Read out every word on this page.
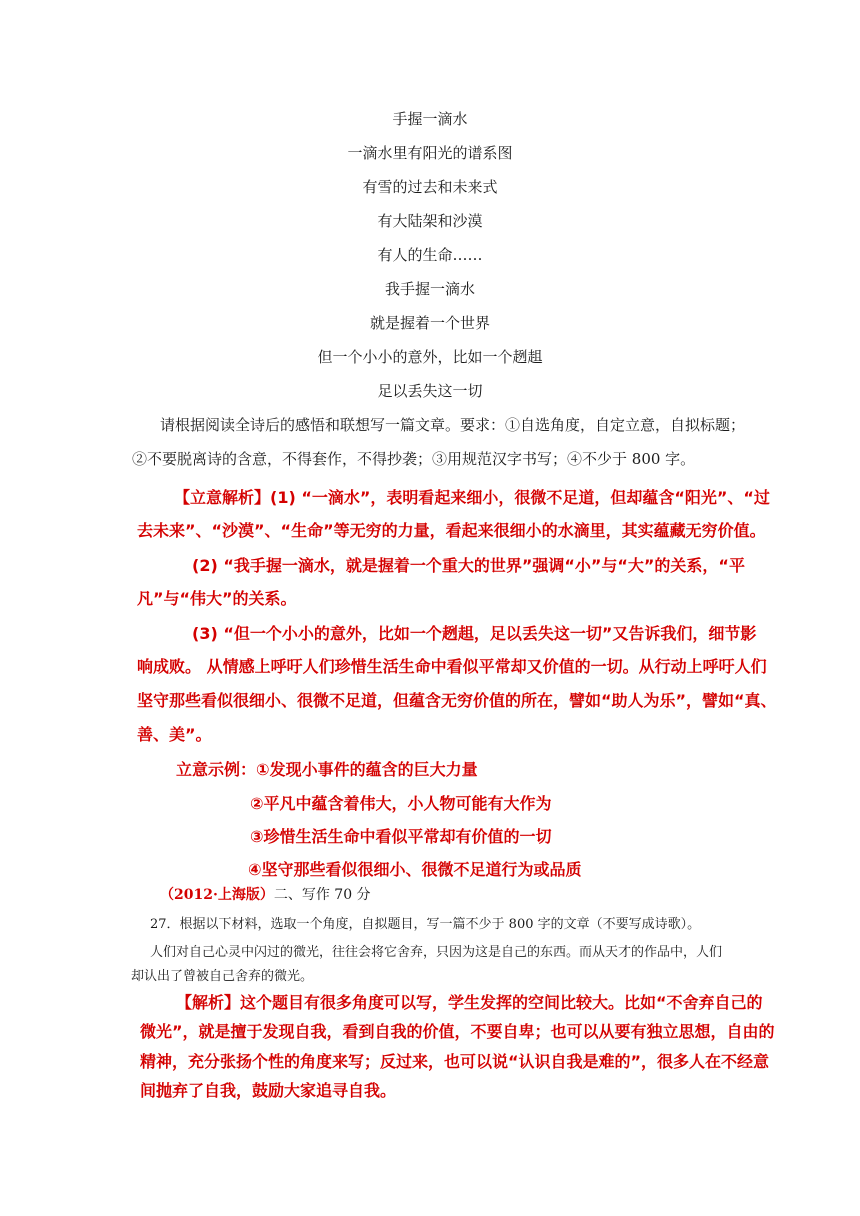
手握一滴水
一滴水里有阳光的谱系图
有雪的过去和未来式
有大陆架和沙漠
有人的生命……
我手握一滴水
就是握着一个世界
但一个小小的意外，比如一个趔趄
足以丢失这一切
请根据阅读全诗后的感悟和联想写一篇文章。要求：①自选角度，自定立意，自拟标题；
②不要脱离诗的含意，不得套作，不得抄袭；③用规范汉字书写；④不少于 800 字。
【立意解析】(1) “一滴水”，表明看起来细小，很微不足道，但却蕴含“阳光”、“过
去未来”、“沙漠”、“生命”等无穷的力量，看起来很细小的水滴里，其实蕴藏无穷价值。
(2) “我手握一滴水，就是握着一个重大的世界”强调“小”与“大”的关系，“平
凡”与“伟大”的关系。
(3) “但一个小小的意外，比如一个趔趄，足以丢失这一切”又告诉我们，细节影
响成败。 从情感上呼吁人们珍惜生活生命中看似平常却又价值的一切。从行动上呼吁人们
坚守那些看似很细小、很微不足道，但蕴含无穷价值的所在，譬如“助人为乐”，譬如“真、
善、美”。
立意示例：①发现小事件的蕴含的巨大力量
②平凡中蕴含着伟大，小人物可能有大作为
③珍惜生活生命中看似平常却有价值的一切
④坚守那些看似很细小、很微不足道行为或品质
（2012·上海版）二、写作 70 分
27．根据以下材料，选取一个角度，自拟题目，写一篇不少于 800 字的文章（不要写成诗歌）。
人们对自己心灵中闪过的微光，往往会将它舍弃，只因为这是自己的东西。而从天才的作品中，人们
却认出了曾被自己舍弃的微光。
【解析】这个题目有很多角度可以写，学生发挥的空间比较大。比如“不舍弃自己的
微光”，就是擅于发现自我，看到自我的价值，不要自卑；也可以从要有独立思想，自由的
精神，充分张扬个性的角度来写；反过来，也可以说“认识自我是难的”，很多人在不经意
间抛弃了自我，鼓励大家追寻自我。
